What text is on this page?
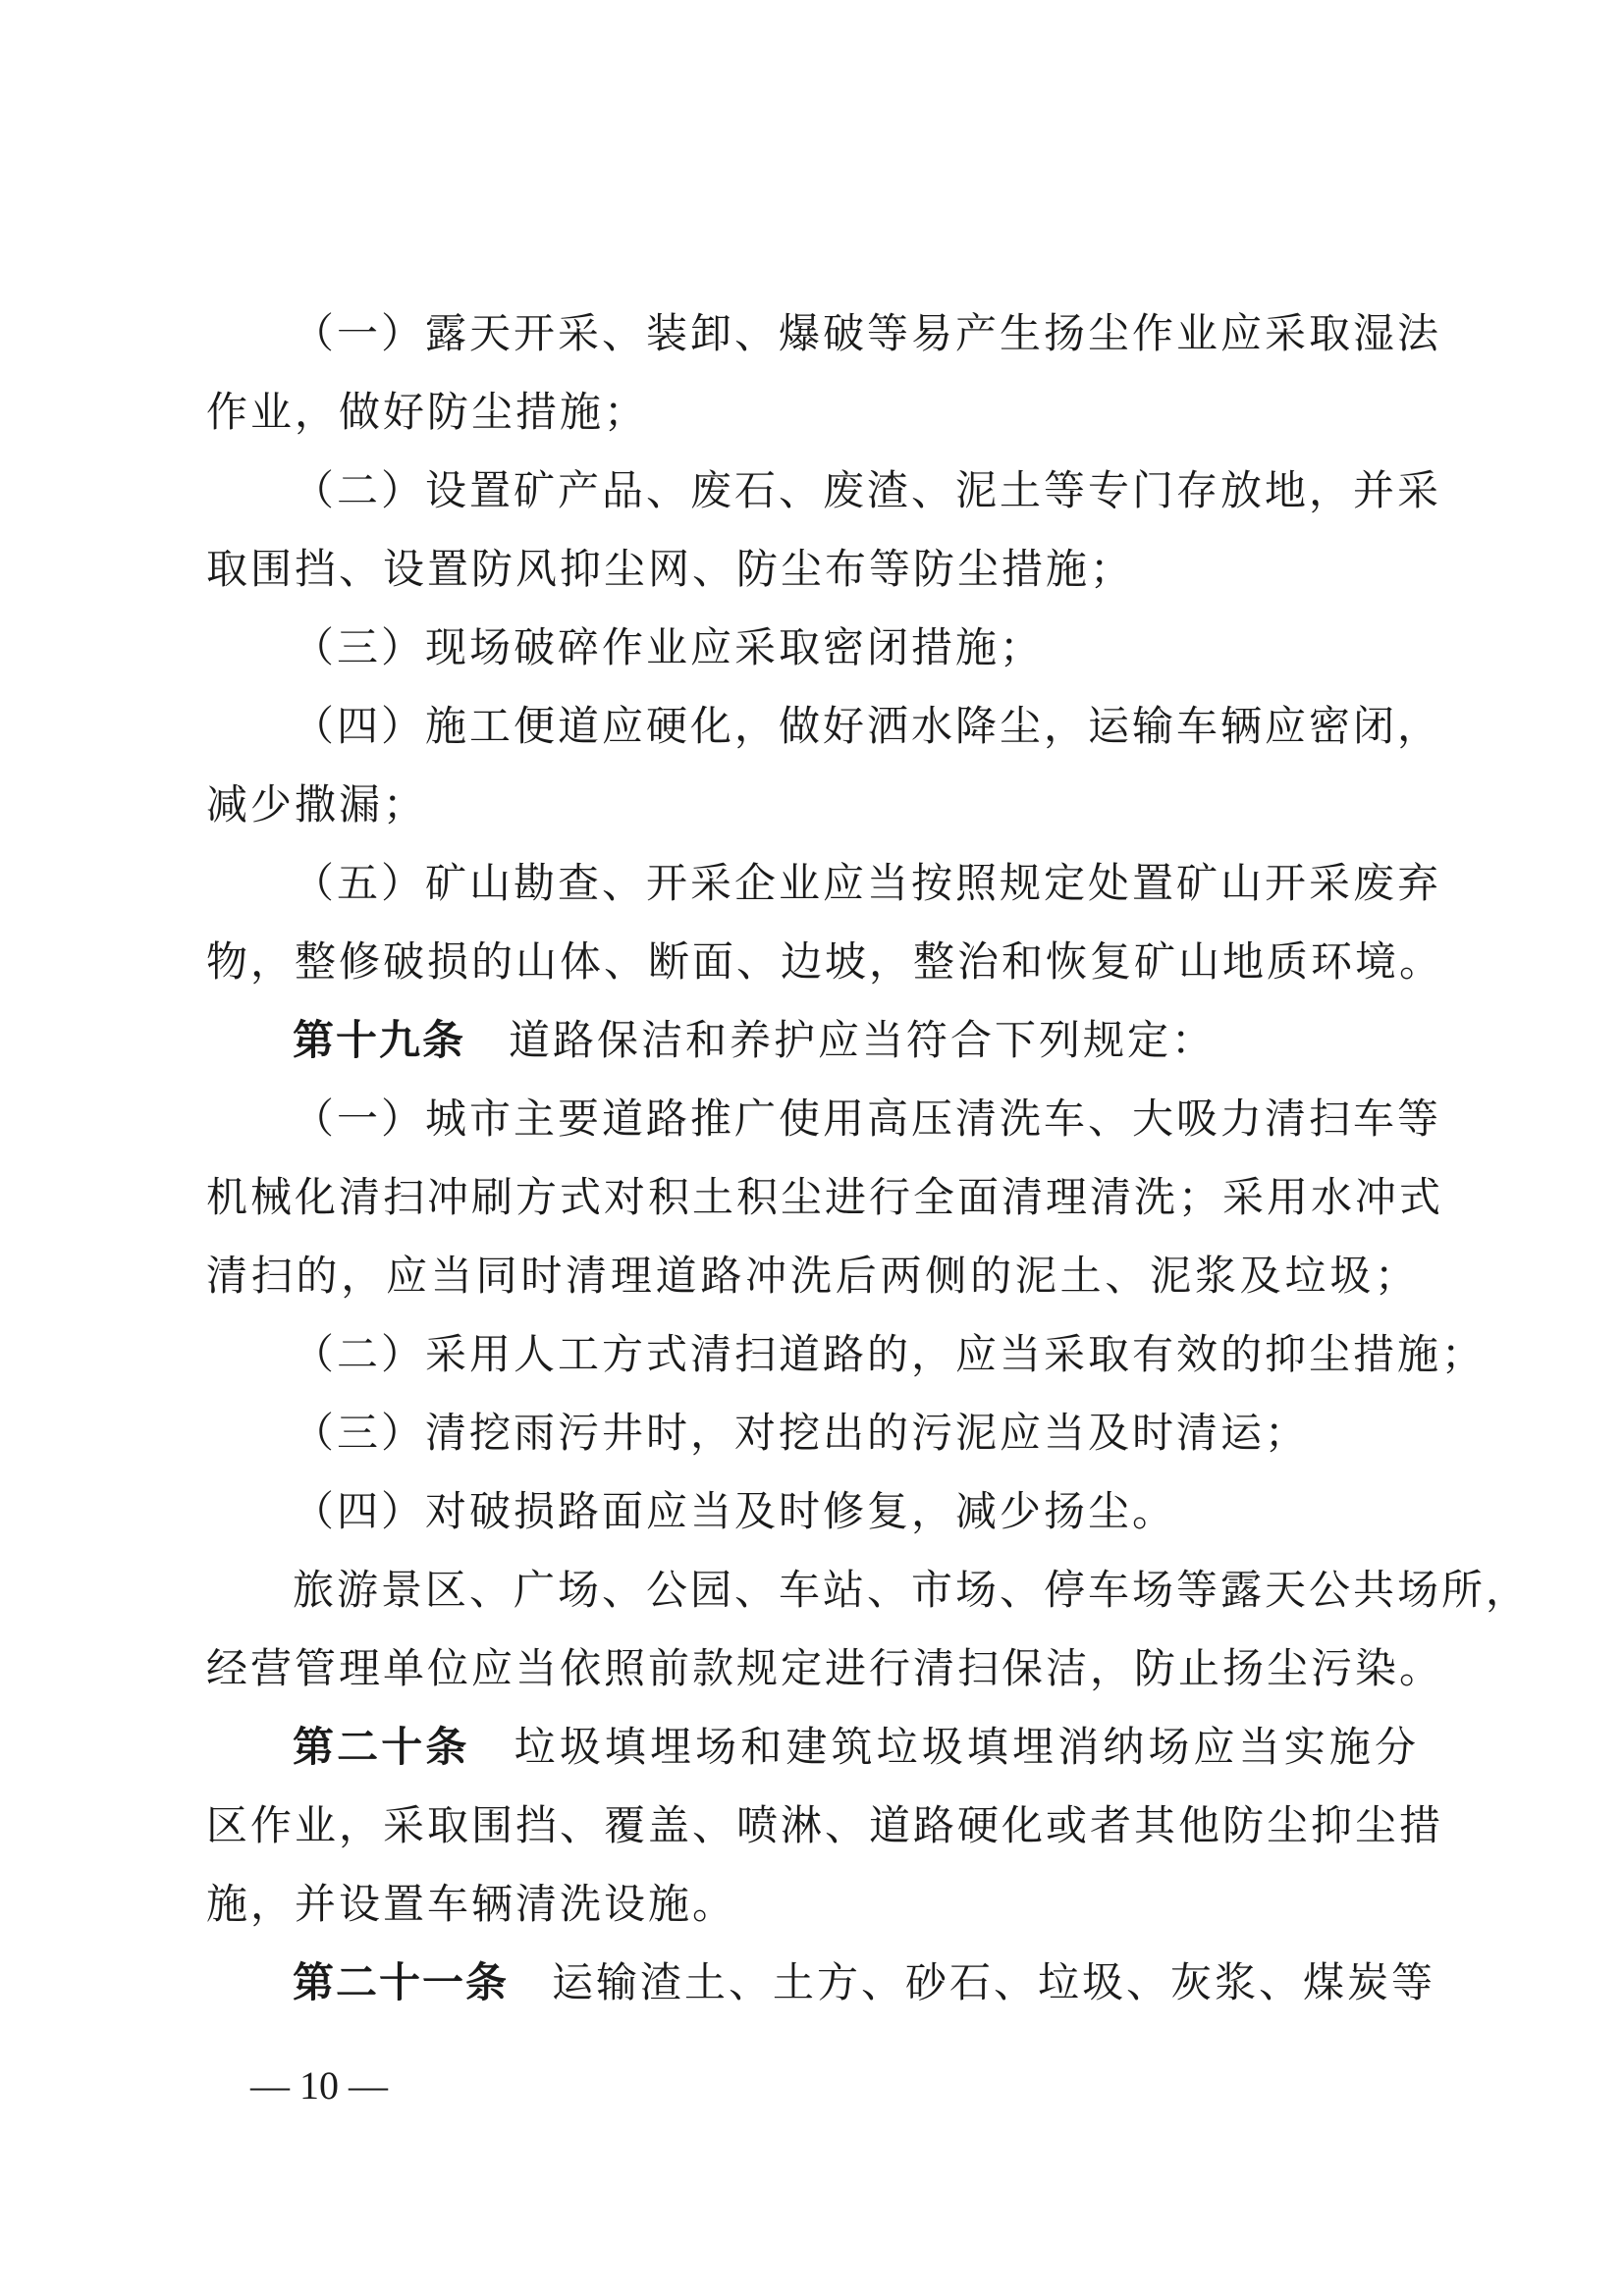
（一）露天开采、装卸、爆破等易产生扬尘作业应采取湿法
作业，做好防尘措施；
（二）设置矿产品、废石、废渣、泥土等专门存放地，并采
取围挡、设置防风抑尘网、防尘布等防尘措施；
（三）现场破碎作业应采取密闭措施；
（四）施工便道应硬化，做好洒水降尘，运输车辆应密闭，
减少撒漏；
（五）矿山勘查、开采企业应当按照规定处置矿山开采废弃
物，整修破损的山体、断面、边坡，整治和恢复矿山地质环境。
第十九条 道路保洁和养护应当符合下列规定：
（一）城市主要道路推广使用高压清洗车、大吸力清扫车等
机械化清扫冲刷方式对积土积尘进行全面清理清洗；采用水冲式
清扫的，应当同时清理道路冲洗后两侧的泥土、泥浆及垃圾；
（二）采用人工方式清扫道路的，应当采取有效的抑尘措施；
（三）清挖雨污井时，对挖出的污泥应当及时清运；
（四）对破损路面应当及时修复，减少扬尘。
旅游景区、广场、公园、车站、市场、停车场等露天公共场所，
经营管理单位应当依照前款规定进行清扫保洁，防止扬尘污染。
第二十条 垃圾填埋场和建筑垃圾填埋消纳场应当实施分
区作业，采取围挡、覆盖、喷淋、道路硬化或者其他防尘抑尘措
施，并设置车辆清洗设施。
第二十一条 运输渣土、土方、砂石、垃圾、灰浆、煤炭等
— 10 —
